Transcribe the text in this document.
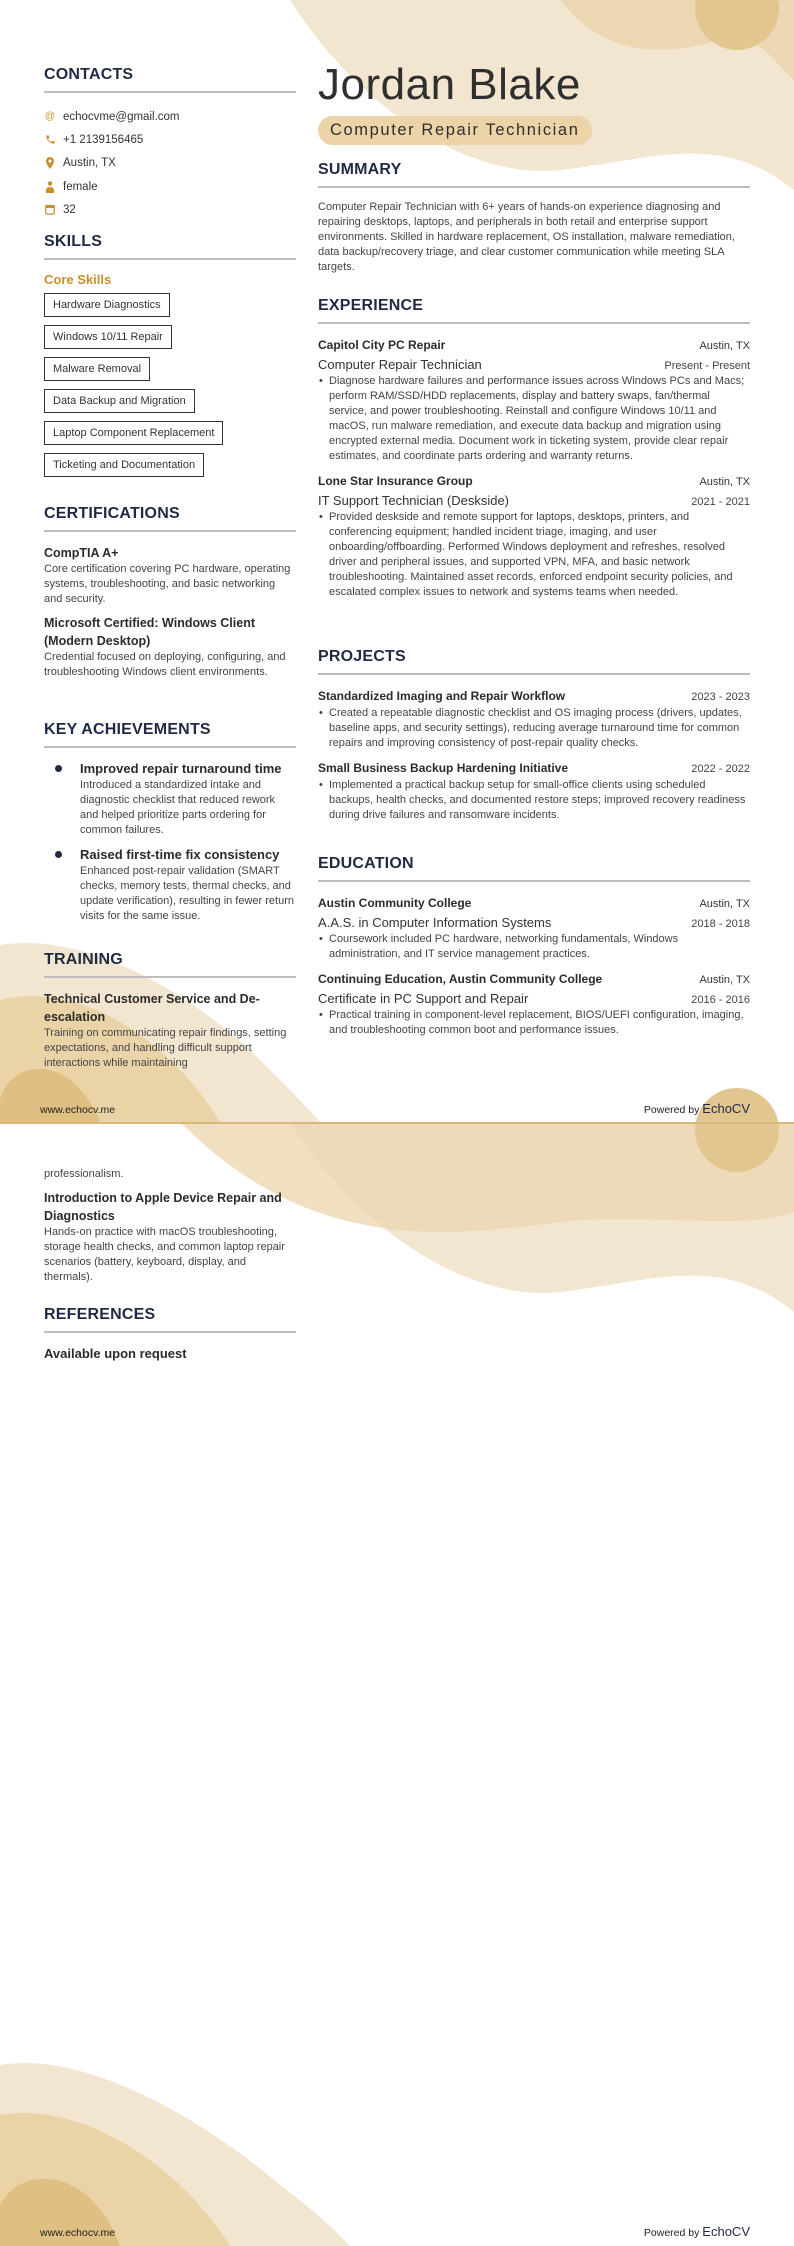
CONTACTS
@ echocvme@gmail.com
+1 2139156465
Austin, TX
female
32
SKILLS
Core Skills
Hardware Diagnostics
Windows 10/11 Repair
Malware Removal
Data Backup and Migration
Laptop Component Replacement
Ticketing and Documentation
CERTIFICATIONS
CompTIA A+
Core certification covering PC hardware, operating systems, troubleshooting, and basic networking and security.
Microsoft Certified: Windows Client (Modern Desktop)
Credential focused on deploying, configuring, and troubleshooting Windows client environments.
KEY ACHIEVEMENTS
Improved repair turnaround time
Introduced a standardized intake and diagnostic checklist that reduced rework and helped prioritize parts ordering for common failures.
Raised first-time fix consistency
Enhanced post-repair validation (SMART checks, memory tests, thermal checks, and update verification), resulting in fewer return visits for the same issue.
TRAINING
Technical Customer Service and De-escalation
Training on communicating repair findings, setting expectations, and handling difficult support interactions while maintaining
www.echocv.me	Powered by EchoCV
professionalism.
Introduction to Apple Device Repair and Diagnostics
Hands-on practice with macOS troubleshooting, storage health checks, and common laptop repair scenarios (battery, keyboard, display, and thermals).
REFERENCES
Available upon request
Jordan Blake
Computer Repair Technician
SUMMARY
Computer Repair Technician with 6+ years of hands-on experience diagnosing and repairing desktops, laptops, and peripherals in both retail and enterprise support environments. Skilled in hardware replacement, OS installation, malware remediation, data backup/recovery triage, and clear customer communication while meeting SLA targets.
EXPERIENCE
Capitol City PC Repair	Austin, TX
Computer Repair Technician	Present - Present
• Diagnose hardware failures and performance issues across Windows PCs and Macs; perform RAM/SSD/HDD replacements, display and battery swaps, fan/thermal service, and power troubleshooting. Reinstall and configure Windows 10/11 and macOS, run malware remediation, and execute data backup and migration using encrypted external media. Document work in ticketing system, provide clear repair estimates, and coordinate parts ordering and warranty returns.
Lone Star Insurance Group	Austin, TX
IT Support Technician (Deskside)	2021 - 2021
• Provided deskside and remote support for laptops, desktops, printers, and conferencing equipment; handled incident triage, imaging, and user onboarding/offboarding. Performed Windows deployment and refreshes, resolved driver and peripheral issues, and supported VPN, MFA, and basic network troubleshooting. Maintained asset records, enforced endpoint security policies, and escalated complex issues to network and systems teams when needed.
PROJECTS
Standardized Imaging and Repair Workflow	2023 - 2023
• Created a repeatable diagnostic checklist and OS imaging process (drivers, updates, baseline apps, and security settings), reducing average turnaround time for common repairs and improving consistency of post-repair quality checks.
Small Business Backup Hardening Initiative	2022 - 2022
• Implemented a practical backup setup for small-office clients using scheduled backups, health checks, and documented restore steps; improved recovery readiness during drive failures and ransomware incidents.
EDUCATION
Austin Community College	Austin, TX
A.A.S. in Computer Information Systems	2018 - 2018
• Coursework included PC hardware, networking fundamentals, Windows administration, and IT service management practices.
Continuing Education, Austin Community College	Austin, TX
Certificate in PC Support and Repair	2016 - 2016
• Practical training in component-level replacement, BIOS/UEFI configuration, imaging, and troubleshooting common boot and performance issues.
www.echocv.me	Powered by EchoCV
